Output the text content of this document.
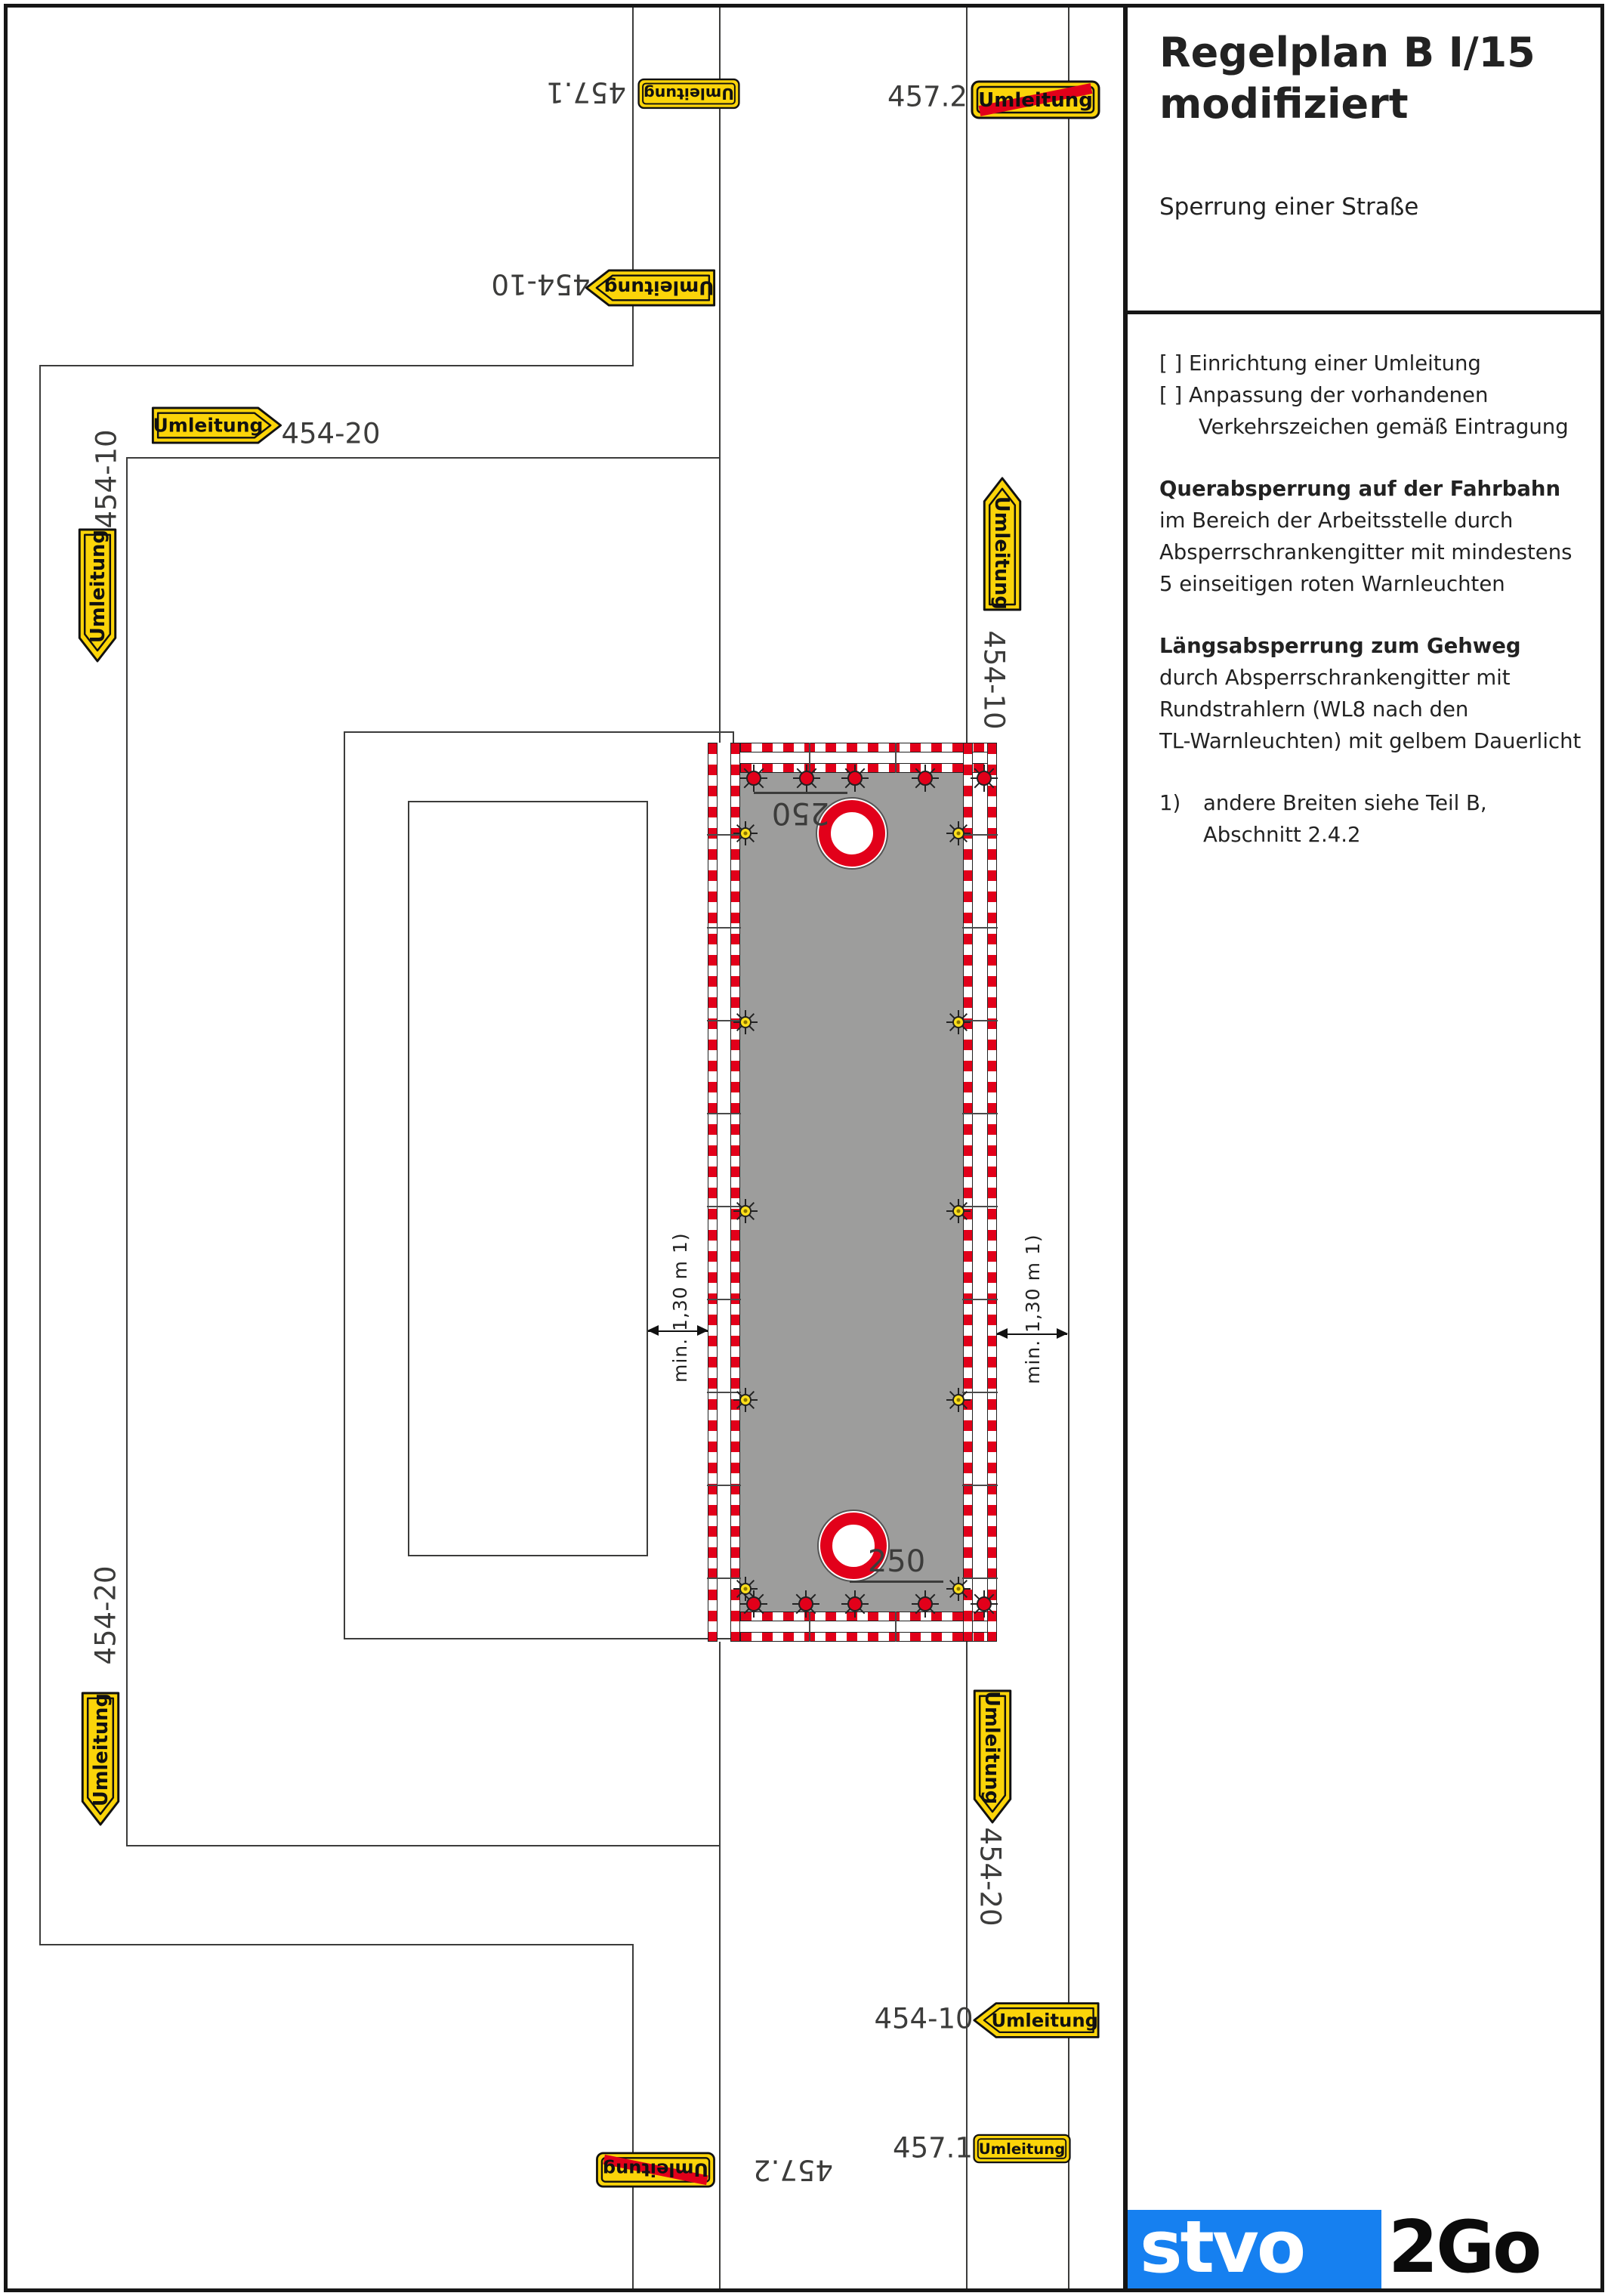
250
250
min. 1,30 m 1)	min. 1,30 m 1)
Umleitung
457.1	Umleitung
457.2
Umleitung
454-10
Umleitung 454-20
454-10
Umleitung
454-20
Umleitung
Umleitung
454-10
Umleitung
454-20
454-10 Umleitung
457.1 Umleitung
Umleitung 457.2
Regelplan B I/15
modifiziert
Sperrung einer Straße
[ ] Einrichtung einer Umleitung
[ ] Anpassung der vorhandenen
Verkehrszeichen gemäß Eintragung
Querabsperrung auf der Fahrbahn
im Bereich der Arbeitsstelle durch
Absperrschrankengitter mit mindestens
5 einseitigen roten Warnleuchten
Längsabsperrung zum Gehweg
durch Absperrschrankengitter mit
Rundstrahlern (WL8 nach den
TL-Warnleuchten) mit gelbem Dauerlicht
1)	andere Breiten siehe Teil B,
Abschnitt 2.4.2
stvo	2Go
